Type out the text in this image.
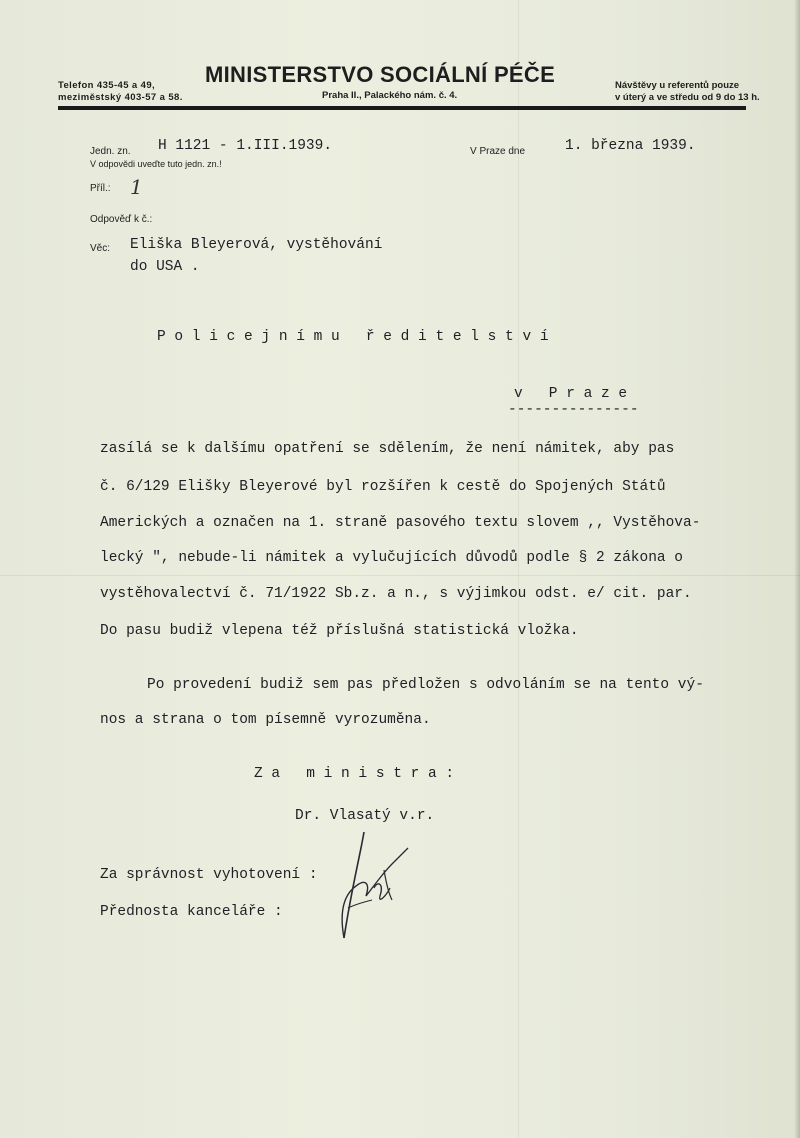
Telefon 435-45 a 49,
meziměstský 403-57 a 58.
MINISTERSTVO SOCIÁLNÍ PÉČE
Praha II., Palackého nám. č. 4.
Návštěvy u referentů pouze
v úterý a ve středu od 9 do 13 h.
Jedn. zn. H 1121 - 1.III.1939.
V odpovědi uveďte tuto jedn. zn.!
V Praze dne	1. března 1939.
Příl.: 1
Odpověď k č.:
Věc: Eliška Bleyerová, vystěhování
do USA .
P o l i c e j n í m u   ř e d i t e l s t v í
v   P r a z e
---------------
zasílá se k dalšímu opatření se sdělením, že není námitek, aby pas
č. 6/129 Elišky Bleyerové byl rozšířen k cestě do Spojených Států
Amerických a označen na 1. straně pasového textu slovem ,, Vystěhova-
lecký ", nebude-li námitek a vylučujících důvodů podle § 2 zákona o
vystěhovalectví č. 71/1922 Sb.z. a n., s výjimkou odst. e/ cit. par.
Do pasu budiž vlepena též příslušná statistická vložka.
Po provedení budiž sem pas předložen s odvoláním se na tento vý-
nos a strana o tom písemně vyrozuměna.
Z a   m i n i s t r a :
Dr. Vlasatý v.r.
Za správnost vyhotovení :
Přednosta kanceláře :
